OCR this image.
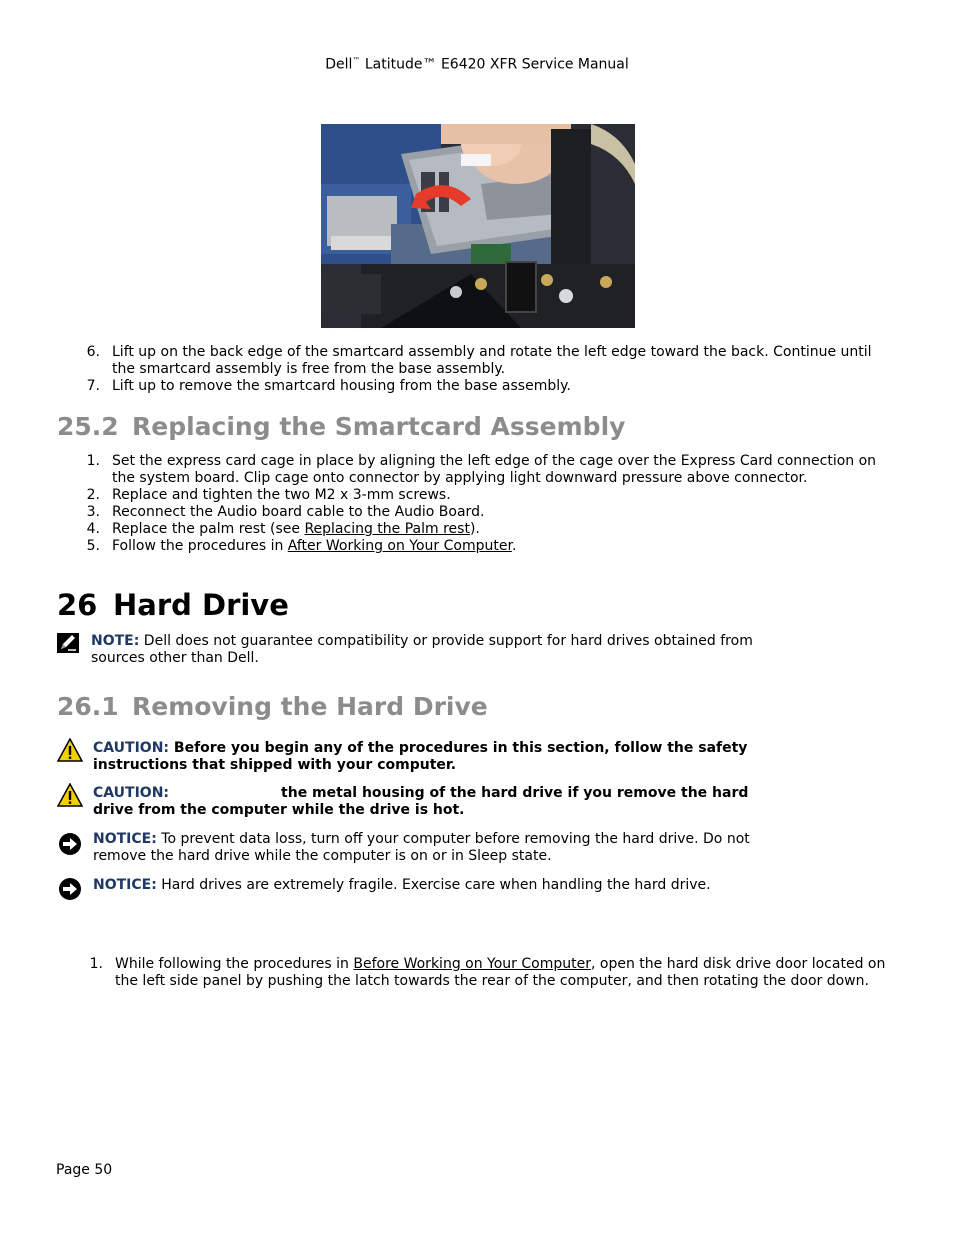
Dell™ Latitude™ E6420 XFR Service Manual
6. Lift up on the back edge of the smartcard assembly and rotate the left edge toward the back. Continue until the smartcard assembly is free from the base assembly.
7. Lift up to remove the smartcard housing from the base assembly.
25.2 Replacing the Smartcard Assembly
1. Set the express card cage in place by aligning the left edge of the cage over the Express Card connection on the system board. Clip cage onto connector by applying light downward pressure above connector.
2. Replace and tighten the two M2 x 3-mm screws.
3. Reconnect the Audio board cable to the Audio Board.
4. Replace the palm rest (see Replacing the Palm rest).
5. Follow the procedures in After Working on Your Computer.
26 Hard Drive
NOTE: Dell does not guarantee compatibility or provide support for hard drives obtained from sources other than Dell.
26.1 Removing the Hard Drive
CAUTION: Before you begin any of the procedures in this section, follow the safety instructions that shipped with your computer.
CAUTION:	the metal housing of the hard drive if you remove the hard drive from the computer while the drive is hot.
NOTICE: To prevent data loss, turn off your computer before removing the hard drive. Do not remove the hard drive while the computer is on or in Sleep state.
NOTICE: Hard drives are extremely fragile. Exercise care when handling the hard drive.
1. While following the procedures in Before Working on Your Computer, open the hard disk drive door located on the left side panel by pushing the latch towards the rear of the computer, and then rotating the door down.
Page 50
